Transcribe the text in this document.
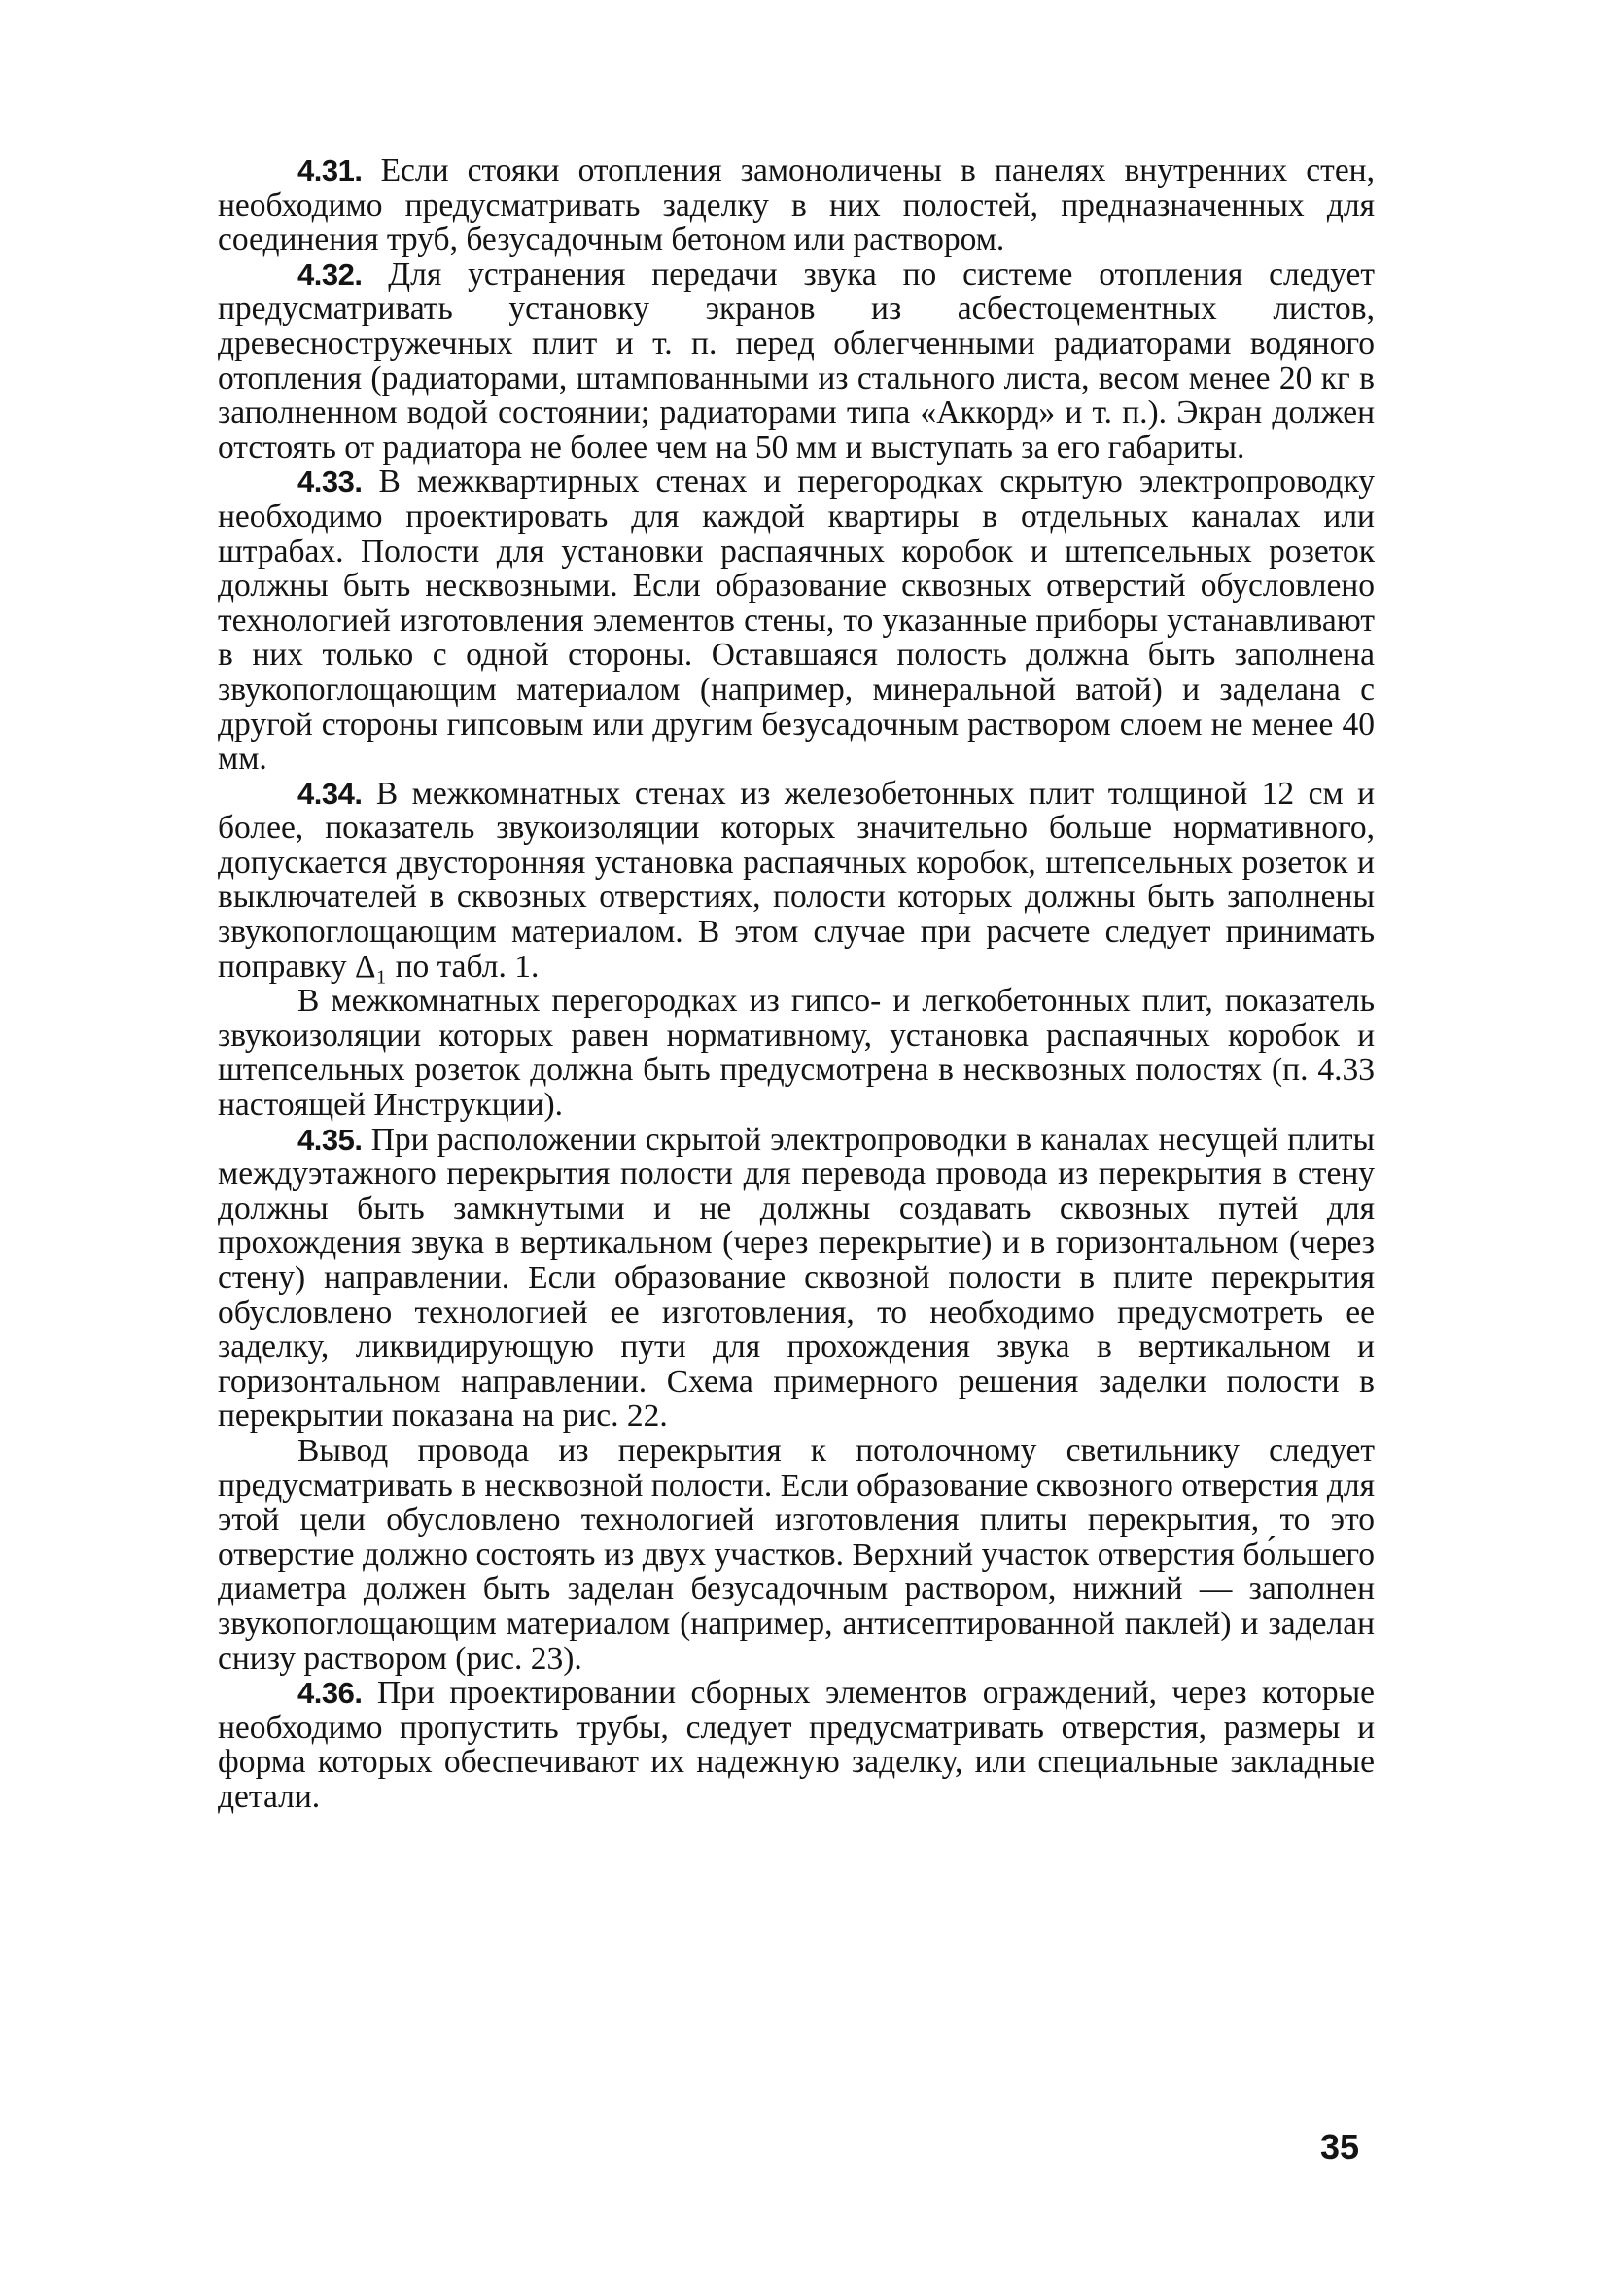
4.31. Если стояки отопления замоноличены в панелях внутренних стен, необходимо предусматривать заделку в них полостей, предназначенных для соединения труб, безусадочным бетоном или раствором.

4.32. Для устранения передачи звука по системе отопления следует предусматривать установку экранов из асбестоцементных листов, древесностружечных плит и т. п. перед облегченными радиаторами водяного отопления (радиаторами, штампованными из стального листа, весом менее 20 кг в заполненном водой состоянии; радиаторами типа «Аккорд» и т. п.). Экран должен отстоять от радиатора не более чем на 50 мм и выступать за его габариты.

4.33. В межквартирных стенах и перегородках скрытую электропроводку необходимо проектировать для каждой квартиры в отдельных каналах или штрабах. Полости для установки распаячных коробок и штепсельных розеток должны быть несквозными. Если образование сквозных отверстий обусловлено технологией изготовления элементов стены, то указанные приборы устанавливают в них только с одной стороны. Оставшаяся полость должна быть заполнена звукопоглощающим материалом (например, минеральной ватой) и заделана с другой стороны гипсовым или другим безусадочным раствором слоем не менее 40 мм.

4.34. В межкомнатных стенах из железобетонных плит толщиной 12 см и более, показатель звукоизоляции которых значительно больше нормативного, допускается двусторонняя установка распаячных коробок, штепсельных розеток и выключателей в сквозных отверстиях, полости которых должны быть заполнены звукопоглощающим материалом. В этом случае при расчете следует принимать поправку Δ₁ по табл. 1.

В межкомнатных перегородках из гипсо- и легкобетонных плит, показатель звукоизоляции которых равен нормативному, установка распаячных коробок и штепсельных розеток должна быть предусмотрена в несквозных полостях (п. 4.33 настоящей Инструкции).

4.35. При расположении скрытой электропроводки в каналах несущей плиты междуэтажного перекрытия полости для перевода провода из перекрытия в стену должны быть замкнутыми и не должны создавать сквозных путей для прохождения звука в вертикальном (через перекрытие) и в горизонтальном (через стену) направлении. Если образование сквозной полости в плите перекрытия обусловлено технологией ее изготовления, то необходимо предусмотреть ее заделку, ликвидирующую пути для прохождения звука в вертикальном и горизонтальном направлении. Схема примерного решения заделки полости в перекрытии показана на рис. 22.

Вывод провода из перекрытия к потолочному светильнику следует предусматривать в несквозной полости. Если образование сквозного отверстия для этой цели обусловлено технологией изготовления плиты перекрытия, то это отверстие должно состоять из двух участков. Верхний участок отверстия бо́льшего диаметра должен быть заделан безусадочным раствором, нижний — заполнен звукопоглощающим материалом (например, антисептированной паклей) и заделан снизу раствором (рис. 23).

4.36. При проектировании сборных элементов ограждений, через которые необходимо пропустить трубы, следует предусматривать отверстия, размеры и форма которых обеспечивают их надежную заделку, или специальные закладные детали.

35
